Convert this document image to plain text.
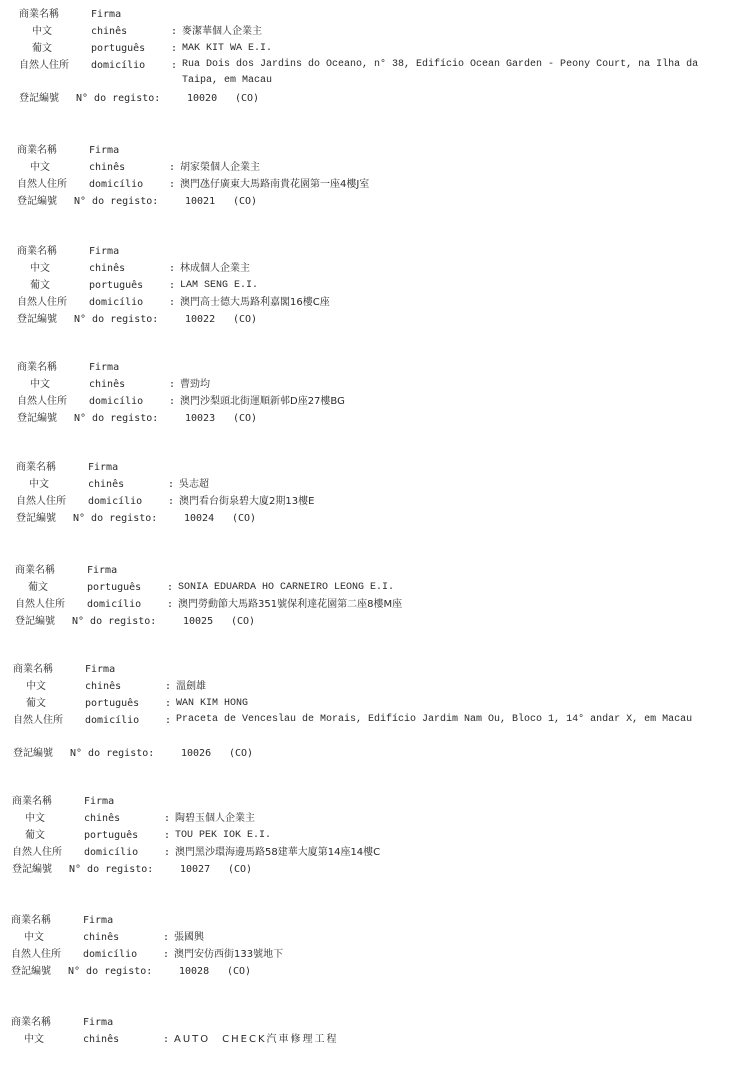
商業名稱	Firma
中文	chinês	: 麥潔華個人企業主
葡文	português	: MAK KIT WA E.I.
自然人住所 domicílio	: Rua Dois dos Jardins do Oceano, n° 38, Edifício Ocean Garden - Peony Court, na Ilha da Taipa, em Macau
登記編號 N° do registo:	10020 (CO)
商業名稱	Firma
中文	chinês	: 胡家榮個人企業主
自然人住所 domicílio	: 澳門氹仔廣東大馬路南貴花園第一座4樓J室
登記編號 N° do registo:	10021 (CO)
商業名稱	Firma
中文	chinês	: 林成個人企業主
葡文	português	: LAM SENG E.I.
自然人住所 domicílio	: 澳門高士德大馬路利嘉閣16樓C座
登記編號 N° do registo:	10022 (CO)
商業名稱	Firma
中文	chinês	: 曹勁均
自然人住所 domicílio	: 澳門沙梨頭北街運順新邨D座27樓BG
登記編號 N° do registo:	10023 (CO)
商業名稱	Firma
中文	chinês	: 吳志超
自然人住所 domicílio	: 澳門看台街泉碧大廈2期13樓E
登記編號 N° do registo:	10024 (CO)
商業名稱	Firma
葡文	português	: SONIA EDUARDA HO CARNEIRO LEONG E.I.
自然人住所 domicílio	: 澳門勞動節大馬路351號保利達花園第二座8樓M座
登記編號 N° do registo:	10025 (CO)
商業名稱	Firma
中文	chinês	: 溫劍雄
葡文	português	: WAN KIM HONG
自然人住所 domicílio	: Praceta de Venceslau de Morais, Edifício Jardim Nam Ou, Bloco 1, 14° andar X, em Macau
登記編號 N° do registo:	10026 (CO)
商業名稱	Firma
中文	chinês	: 陶碧玉個人企業主
葡文	português	: TOU PEK IOK E.I.
自然人住所 domicílio	: 澳門黑沙環海邊馬路58建華大廈第14座14樓C
登記編號 N° do registo:	10027 (CO)
商業名稱	Firma
中文	chinês	: 張國興
自然人住所 domicílio	: 澳門安仿西街133號地下
登記編號 N° do registo:	10028 (CO)
商業名稱	Firma
中文	chinês	: AUTO　CHECK汽車修理工程
